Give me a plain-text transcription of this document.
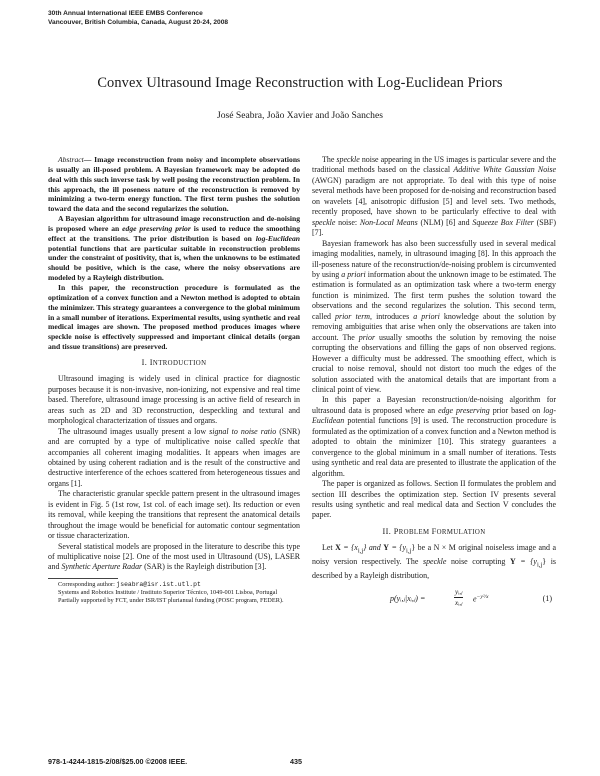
30th Annual International IEEE EMBS Conference
Vancouver, British Columbia, Canada, August 20-24, 2008
Convex Ultrasound Image Reconstruction with Log-Euclidean Priors
José Seabra, João Xavier and João Sanches

Abstract— Image reconstruction from noisy and incomplete observations is usually an ill-posed problem. A Bayesian framework may be adopted do deal with this such inverse task by well posing the reconstruction problem. In this approach, the ill poseness nature of the reconstruction is removed by minimizing a two-term energy function. The first term pushes the solution toward the data and the second regularizes the solution.

A Bayesian algorithm for ultrasound image reconstruction and de-noising is proposed where an edge preserving prior is used to reduce the smoothing effect at the transitions. The prior distribution is based on log-Euclidean potential functions that are particular suitable in reconstruction problems under the constraint of positivity, that is, when the unknowns to be estimated should be positive, which is the case, where the noisy observations are modeled by a Rayleigh distribution.

In this paper, the reconstruction procedure is formulated as the optimization of a convex function and a Newton method is adopted to obtain the minimizer. This strategy guarantees a convergence to the global minimum in a small number of iterations. Experimental results, using synthetic and real medical images are shown. The proposed method produces images where speckle noise is effectively suppressed and important clinical details (organ and tissue transitions) are preserved.

I. INTRODUCTION

Ultrasound imaging is widely used in clinical practice for diagnostic purposes because it is non-invasive, non-ionizing, not expensive and real time based. Therefore, ultrasound image processing is an active field of research in areas such as 2D and 3D reconstruction, despeckling and textural and morphological characterization of tissues and organs.

The ultrasound images usually present a low signal to noise ratio (SNR) and are corrupted by a type of multiplicative noise called speckle that accompanies all coherent imaging modalities. It appears when images are obtained by using coherent radiation and is the result of the constructive and destructive interference of the echoes scattered from heterogeneous tissues and organs [1].

The characteristic granular speckle pattern present in the ultrasound images is evident in Fig. 5 (1st row, 1st col. of each image set). Its reduction or even its removal, while keeping the transitions that represent the anatomical details throughout the image would be beneficial for automatic contour segmentation or tissue characterization.

Several statistical models are proposed in the literature to describe this type of multiplicative noise [2]. One of the most used in Ultrasound (US), LASER and Synthetic Aperture Radar (SAR) is the Rayleigh distribution [3].

Corresponding author: jseabra@isr.ist.utl.pt

Systems and Robotics Institute / Instituto Superior Técnico, 1049-001 Lisboa, Portugal

Partially supported by FCT, under ISR/IST plurianual funding (POSC program, FEDER).

The speckle noise appearing in the US images is particular severe and the traditional methods based on the classical Additive White Gaussian Noise (AWGN) paradigm are not appropriate. To deal with this type of noise several methods have been proposed for de-noising and reconstruction based on wavelets [4], anisotropic diffusion [5] and level sets. Two methods, recently proposed, have shown to be particularly effective to deal with speckle noise: Non-Local Means (NLM) [6] and Squeeze Box Filter (SBF) [7].

Bayesian framework has also been successfully used in several medical imaging modalities, namely, in ultrasound imaging [8]. In this approach the ill-poseness nature of the reconstruction/de-noising problem is circumvented by using a priori information about the unknown image to be estimated. The estimation is formulated as an optimization task where a two-term energy function is minimized. The first term pushes the solution toward the observations and the second regularizes the solution. This second term, called prior term, introduces a priori knowledge about the solution by removing ambiguities that arise when only the observations are taken into account. The prior usually smooths the solution by removing the noise corrupting the observations and filling the gaps of non observed regions. However a difficulty must be addressed. The smoothing effect, which is crucial to noise removal, should not distort too much the edges of the solution associated with the anatomical details that are important from a clinical point of view.

In this paper a Bayesian reconstruction/de-noising algorithm for ultrasound data is proposed where an edge preserving prior based on log-Euclidean potential functions [9] is used. The reconstruction procedure is formulated as the optimization of a convex function and a Newton method is adopted to obtain the minimizer [10]. This strategy guarantees a convergence to the global minimum in a small number of iterations. Tests using synthetic and real data are presented to illustrate the application of the algorithm.

The paper is organized as follows. Section II formulates the problem and section III describes the optimization step. Section IV presents several results using synthetic and real medical data and Section V concludes the paper.

II. PROBLEM FORMULATION

Let $X = \{x_{i,j}\}$ and $Y = \{y_{i,j}\}$ be a N × M original noiseless image and a noisy version respectively. The speckle noise corrupting $Y = \{y_{i,j}\}$ is described by a Rayleigh distribution,

p(yᵢ,ⱼ|xᵢ,ⱼ) =	$\frac{\text{yᵢ,ⱼ}}{\text{xᵢ,ⱼ}} e^{-y^2/x}$	(1)
978-1-4244-1815-2/08/$25.00 ©2008 IEEE.	435
